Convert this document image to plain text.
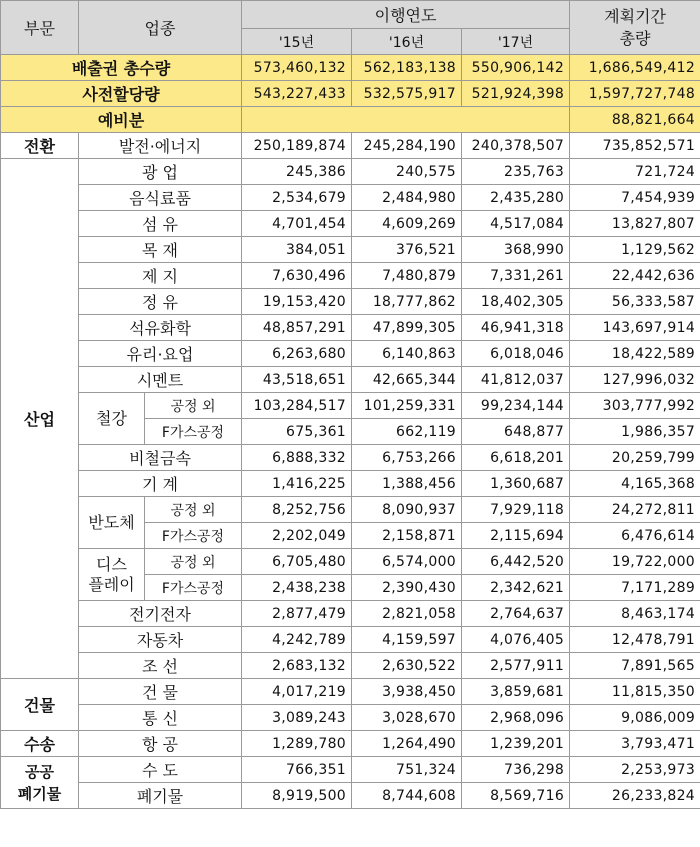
부문	업종		이행연도			계획기간
총량
			'15년	'16년	'17년	
배출권 총수량			573,460,132	562,183,138	550,906,142	1,686,549,412
사전할당량			543,227,433	532,575,917	521,924,398	1,597,727,748
예비분						88,821,664
전환	발전·에너지		250,189,874	245,284,190	240,378,507	735,852,571
산업	광 업		245,386	240,575	235,763	721,724
	음식료품		2,534,679	2,484,980	2,435,280	7,454,939
	섬 유		4,701,454	4,609,269	4,517,084	13,827,807
	목 재		384,051	376,521	368,990	1,129,562
	제 지		7,630,496	7,480,879	7,331,261	22,442,636
	정 유		19,153,420	18,777,862	18,402,305	56,333,587
	석유화학		48,857,291	47,899,305	46,941,318	143,697,914
	유리·요업		6,263,680	6,140,863	6,018,046	18,422,589
	시멘트		43,518,651	42,665,344	41,812,037	127,996,032
	철강	공정 외	103,284,517	101,259,331	99,234,144	303,777,992
		F가스공정	675,361	662,119	648,877	1,986,357
	비철금속		6,888,332	6,753,266	6,618,201	20,259,799
	기 계		1,416,225	1,388,456	1,360,687	4,165,368
	반도체	공정 외	8,252,756	8,090,937	7,929,118	24,272,811
		F가스공정	2,202,049	2,158,871	2,115,694	6,476,614
	디스
플레이	공정 외	6,705,480	6,574,000	6,442,520	19,722,000
		F가스공정	2,438,238	2,390,430	2,342,621	7,171,289
	전기전자		2,877,479	2,821,058	2,764,637	8,463,174
	자동차		4,242,789	4,159,597	4,076,405	12,478,791
	조 선		2,683,132	2,630,522	2,577,911	7,891,565
건물	건 물		4,017,219	3,938,450	3,859,681	11,815,350
	통 신		3,089,243	3,028,670	2,968,096	9,086,009
수송	항 공		1,289,780	1,264,490	1,239,201	3,793,471
공공
폐기물	수 도		766,351	751,324	736,298	2,253,973
	폐기물		8,919,500	8,744,608	8,569,716	26,233,824
